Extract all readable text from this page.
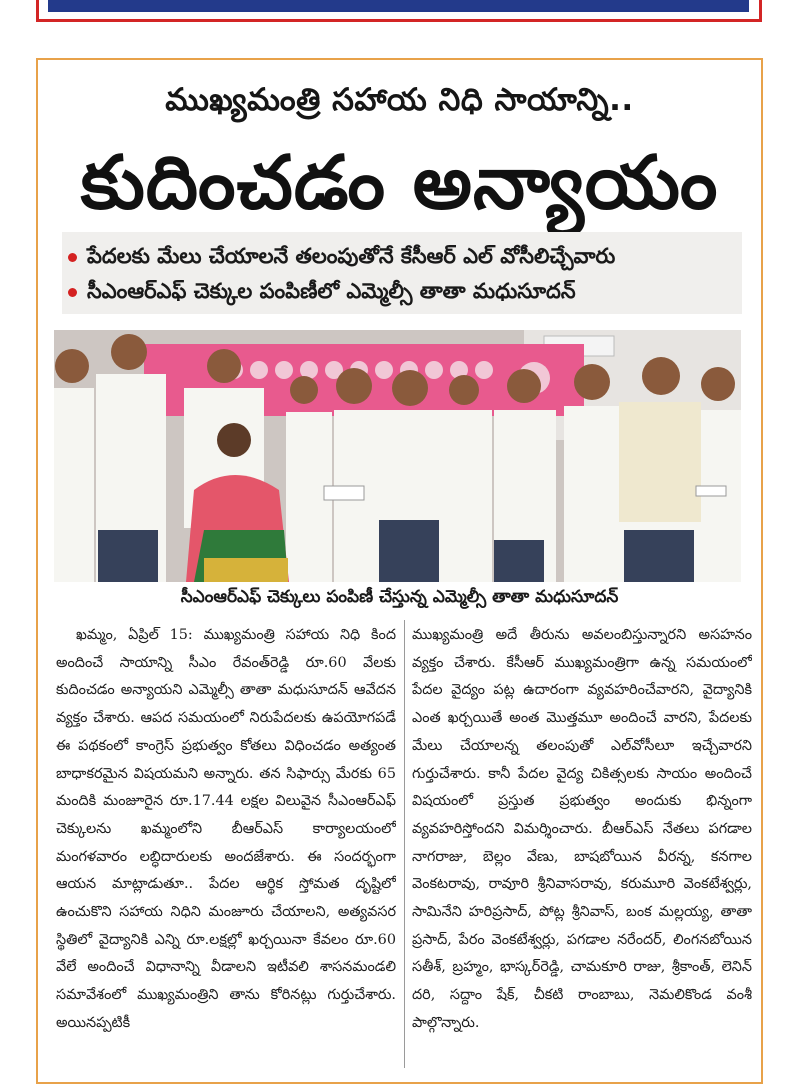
ముఖ్యమంత్రి సహాయ నిధి సాయాన్ని..
కుదించడం అన్యాయం
పేదలకు మేలు చేయాలనే తలంపుతోనే కేసీఆర్ ఎల్ వోసీలిచ్చేవారు
సీఎంఆర్ఎఫ్ చెక్కుల పంపిణీలో ఎమ్మెల్సీ తాతా మధుసూదన్
సీఎంఆర్ఎఫ్ చెక్కులు పంపిణీ చేస్తున్న ఎమ్మెల్సీ తాతా మధుసూదన్

ఖమ్మం, ఏప్రిల్ 15: ముఖ్యమంత్రి సహాయ నిధి కింద అందించే సాయాన్ని సీఎం రేవంత్‌రెడ్డి రూ.60 వేలకు కుదించడం అన్యాయని ఎమ్మెల్సీ తాతా మధుసూదన్ ఆవేదన వ్యక్తం చేశారు. ఆపద సమయంలో నిరుపేదలకు ఉపయోగపడే ఈ పథకంలో కాంగ్రెస్ ప్రభుత్వం కోతలు విధించడం అత్యంత బాధాకరమైన విషయమని అన్నారు. తన సిఫార్సు మేరకు 65 మందికి మంజూరైన రూ.17.44 లక్షల విలువైన సీఎంఆర్ఎఫ్ చెక్కులను ఖమ్మంలోని బీఆర్ఎస్ కార్యాలయంలో మంగళవారం లబ్ధిదారులకు అందజేశారు. ఈ సందర్భంగా ఆయన మాట్లాడుతూ.. పేదల ఆర్థిక స్తోమత దృష్టిలో ఉంచుకొని సహాయ నిధిని మంజూరు చేయాలని, అత్యవసర స్థితిలో వైద్యానికి ఎన్ని రూ.లక్షల్లో ఖర్చయినా కేవలం రూ.60 వేలే అందించే విధానాన్ని వీడాలని ఇటీవలి శాసనమండలి సమావేశంలో ముఖ్యమంత్రిని తాను కోరినట్లు గుర్తుచేశారు. అయినప్పటికీ

ముఖ్యమంత్రి అదే తీరును అవలంబిస్తున్నారని అసహనం వ్యక్తం చేశారు. కేసీఆర్ ముఖ్యమంత్రిగా ఉన్న సమయంలో పేదల వైద్యం పట్ల ఉదారంగా వ్యవహరించేవారని, వైద్యానికి ఎంత ఖర్చయితే అంత మొత్తమూ అందించే వారని, పేదలకు మేలు చేయాలన్న తలంపుతో ఎల్‌వోసీలూ ఇచ్చేవారని గుర్తుచేశారు. కానీ పేదల వైద్య చికిత్సలకు సాయం అందించే విషయంలో ప్రస్తుత ప్రభుత్వం అందుకు భిన్నంగా వ్యవహరిస్తోందని విమర్శించారు. బీఆర్ఎస్ నేతలు పగడాల నాగరాజు, బెల్లం వేణు, బాషబోయిన వీరన్న, కనగాల వెంకటరావు, రావూరి శ్రీనివాసరావు, కరుమూరి వెంకటేశ్వర్లు, సామినేని హరిప్రసాద్, పోట్ల శ్రీనివాస్, బంక మల్లయ్య, తాతా ప్రసాద్, పేరం వెంకటేశ్వర్లు, పగడాల నరేందర్, లింగనబోయిన సతీశ్, బ్రహ్మం, భాస్కర్‌రెడ్డి, చామకూరి రాజు, శ్రీకాంత్, లెనిన్ దరి, సద్దాం షేక్, చీకటి రాంబాబు, నెమలికొండ వంశీ పాల్గొన్నారు.
